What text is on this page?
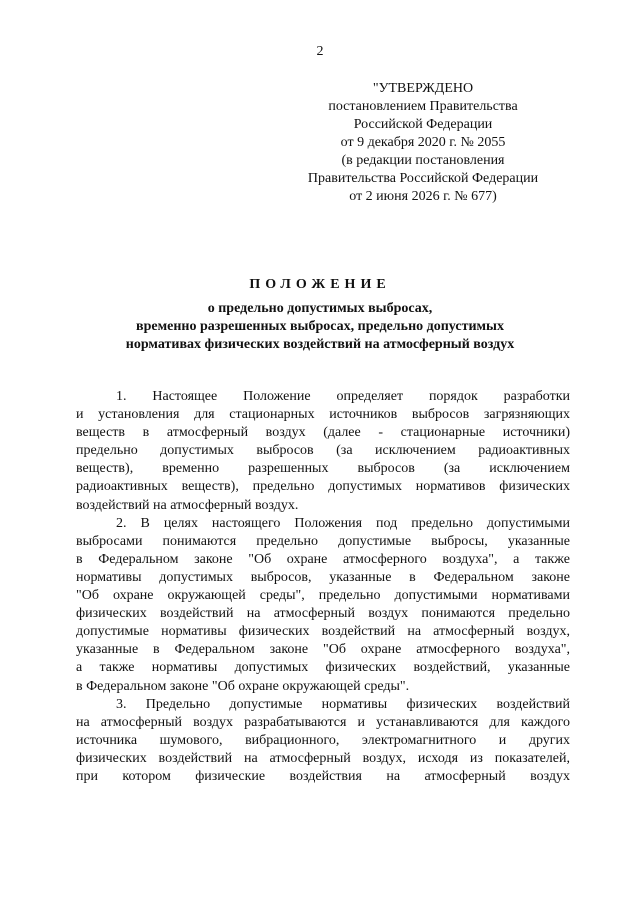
2
"УТВЕРЖДЕНО
постановлением Правительства
Российской Федерации
от 9 декабря 2020 г. № 2055
(в редакции постановления
Правительства Российской Федерации
от 2 июня 2026 г. № 677)
ПОЛОЖЕНИЕ
о предельно допустимых выбросах,
временно разрешенных выбросах, предельно допустимых
нормативах физических воздействий на атмосферный воздух

1. Настоящее Положение определяет порядок разработки
и установления для стационарных источников выбросов загрязняющих
веществ в атмосферный воздух (далее - стационарные источники)
предельно допустимых выбросов (за исключением радиоактивных
веществ), временно разрешенных выбросов (за исключением
радиоактивных веществ), предельно допустимых нормативов физических
воздействий на атмосферный воздух.

2. В целях настоящего Положения под предельно допустимыми
выбросами понимаются предельно допустимые выбросы, указанные
в Федеральном законе "Об охране атмосферного воздуха", а также
нормативы допустимых выбросов, указанные в Федеральном законе
"Об охране окружающей среды", предельно допустимыми нормативами
физических воздействий на атмосферный воздух понимаются предельно
допустимые нормативы физических воздействий на атмосферный воздух,
указанные в Федеральном законе "Об охране атмосферного воздуха",
а также нормативы допустимых физических воздействий, указанные
в Федеральном законе "Об охране окружающей среды".

3. Предельно допустимые нормативы физических воздействий
на атмосферный воздух разрабатываются и устанавливаются для каждого
источника шумового, вибрационного, электромагнитного и других
физических воздействий на атмосферный воздух, исходя из показателей,
при котором физические воздействия на атмосферный воздух
